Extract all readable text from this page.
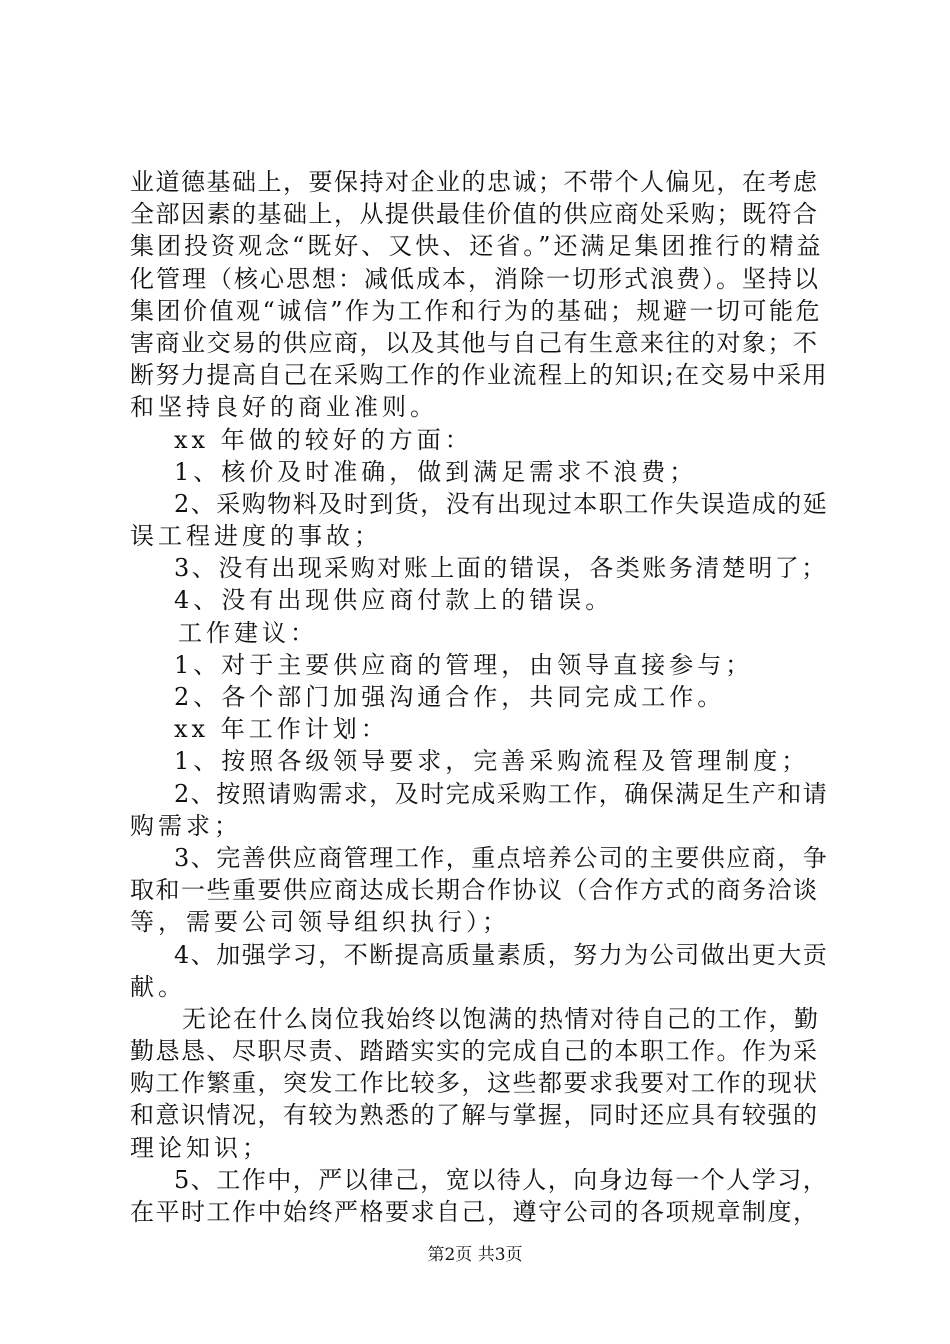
业道德基础上，要保持对企业的忠诚；不带个人偏见，在考虑
全部因素的基础上，从提供最佳价值的供应商处采购；既符合
集团投资观念“既好、又快、还省。”还满足集团推行的精益
化管理（核心思想：减低成本，消除一切形式浪费）。坚持以
集团价值观“诚信”作为工作和行为的基础；规避一切可能危
害商业交易的供应商，以及其他与自己有生意来往的对象；不
断努力提高自己在采购工作的作业流程上的知识;在交易中采用
和坚持良好的商业准则。
xx 年做的较好的方面：
1、核价及时准确，做到满足需求不浪费；
2、采购物料及时到货，没有出现过本职工作失误造成的延
误工程进度的事故；
3、没有出现采购对账上面的错误，各类账务清楚明了；
4、没有出现供应商付款上的错误。
工作建议：
1、对于主要供应商的管理，由领导直接参与；
2、各个部门加强沟通合作，共同完成工作。
xx 年工作计划：
1、按照各级领导要求，完善采购流程及管理制度；
2、按照请购需求，及时完成采购工作，确保满足生产和请
购需求；
3、完善供应商管理工作，重点培养公司的主要供应商，争
取和一些重要供应商达成长期合作协议（合作方式的商务洽谈
等，需要公司领导组织执行）；
4、加强学习，不断提高质量素质，努力为公司做出更大贡
献。
无论在什么岗位我始终以饱满的热情对待自己的工作，勤
勤恳恳、尽职尽责、踏踏实实的完成自己的本职工作。作为采
购工作繁重，突发工作比较多，这些都要求我要对工作的现状
和意识情况，有较为熟悉的了解与掌握，同时还应具有较强的
理论知识；
5、工作中，严以律己，宽以待人，向身边每一个人学习，
在平时工作中始终严格要求自己，遵守公司的各项规章制度，
第2页 共3页
